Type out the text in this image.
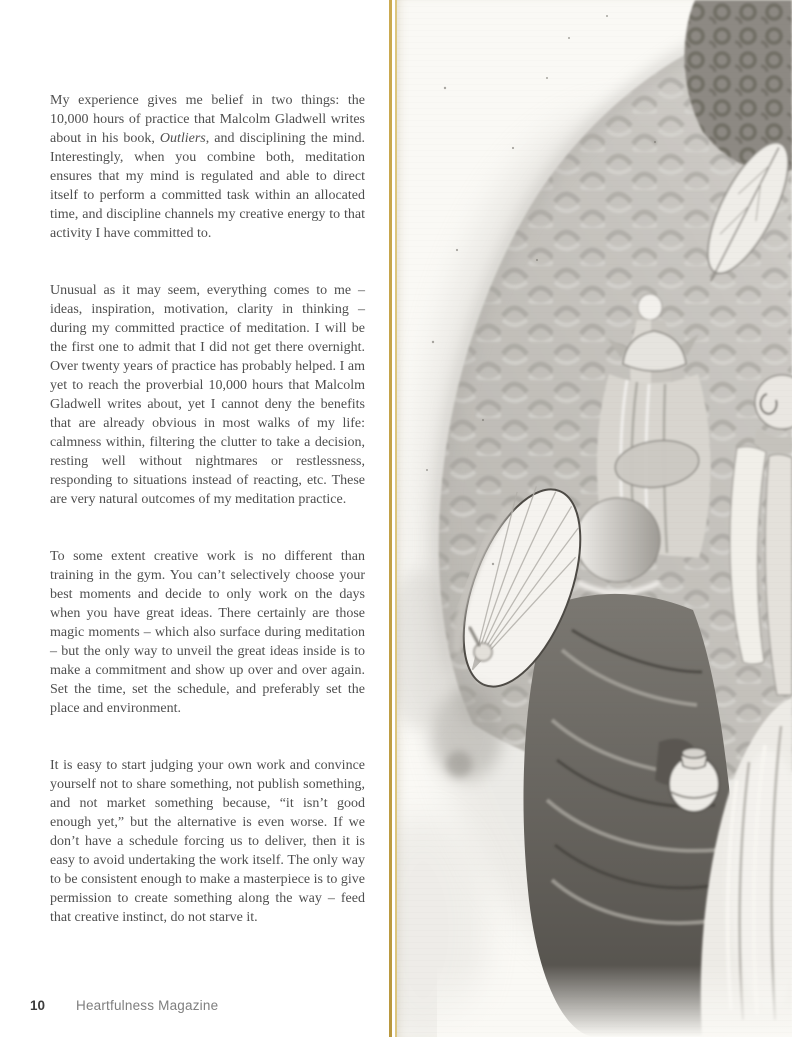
My experience gives me belief in two things: the 10,000 hours of practice that Malcolm Gladwell writes about in his book, Outliers, and disciplining the mind. Interestingly, when you combine both, meditation ensures that my mind is regulated and able to direct itself to perform a committed task within an allocated time, and discipline channels my creative energy to that activity I have committed to.

Unusual as it may seem, everything comes to me – ideas, inspiration, motivation, clarity in thinking – during my committed practice of meditation. I will be the first one to admit that I did not get there overnight. Over twenty years of practice has probably helped. I am yet to reach the proverbial 10,000 hours that Malcolm Gladwell writes about, yet I cannot deny the benefits that are already obvious in most walks of my life: calmness within, filtering the clutter to take a decision, resting well without nightmares or restlessness, responding to situations instead of reacting, etc. These are very natural outcomes of my meditation practice.

To some extent creative work is no different than training in the gym. You can’t selectively choose your best moments and decide to only work on the days when you have great ideas. There certainly are those magic moments – which also surface during meditation – but the only way to unveil the great ideas inside is to make a commitment and show up over and over again. Set the time, set the schedule, and preferably set the place and environment.

It is easy to start judging your own work and convince yourself not to share something, not publish something, and not market something because, “it isn’t good enough yet,” but the alternative is even worse. If we don’t have a schedule forcing us to deliver, then it is easy to avoid undertaking the work itself. The only way to be consistent enough to make a masterpiece is to give permission to create something along the way – feed that creative instinct, do not starve it.

10 Heartfulness Magazine
